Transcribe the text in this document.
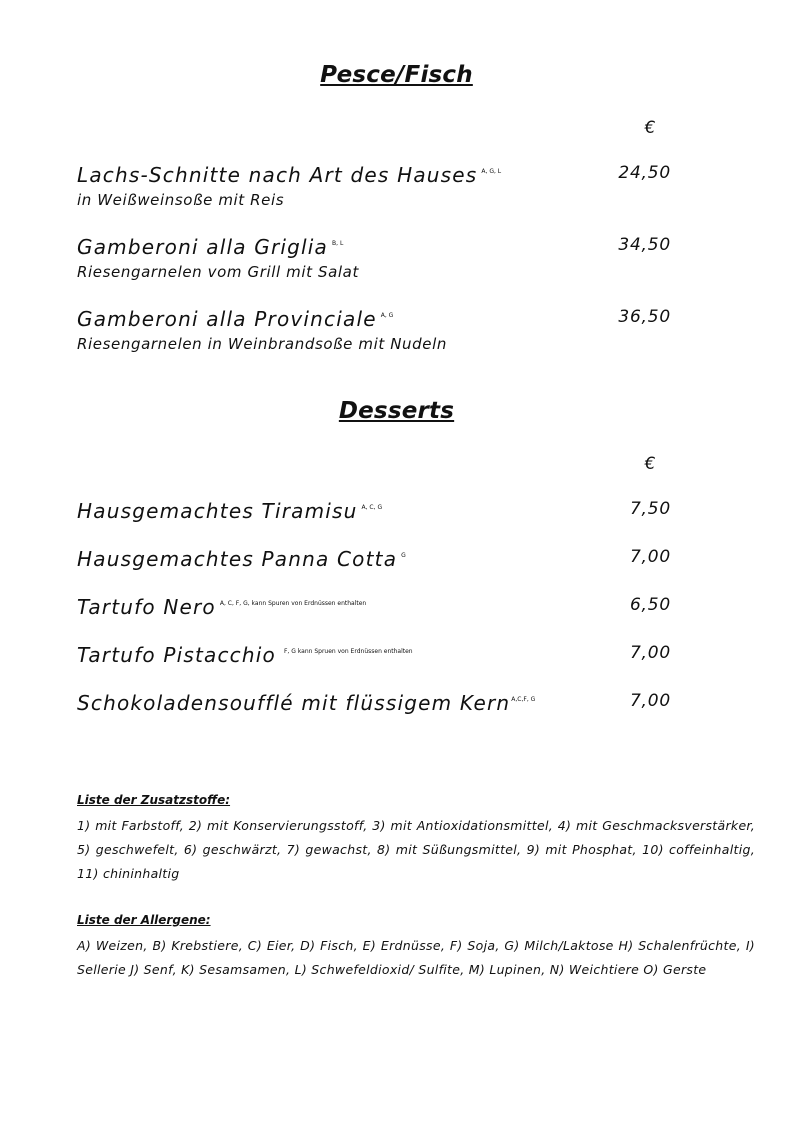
Pesce/Fisch
€
Lachs-Schnitte nach Art des Hauses $^{A, G, L}$
in Weißweinsoße mit Reis
24,50
Gamberoni alla Griglia $^{B, L}$
Riesengarnelen vom Grill mit Salat
34,50
Gamberoni alla Provinciale $^{A, G}$
Riesengarnelen in Weinbrandsoße mit Nudeln
36,50
Desserts
€
Hausgemachtes Tiramisu $^{A, C, G}$	7,50
Hausgemachtes Panna Cotta $^G$	7,00
Tartufo Nero $^{A, C, F, G, kann Spuren von Erdnüssen enthalten}$	6,50
Tartufo Pistacchio $^{F, G kann Spruen von Erdnüssen enthalten}$	7,00
Schokoladensoufflé mit flüssigem Kern$^{A,C,F, G}$	7,00
Liste der Zusatzstoffe:
1) mit Farbstoff, 2) mit Konservierungsstoff, 3) mit Antioxidationsmittel, 4) mit Geschmacksverstärker, 5) geschwefelt, 6) geschwärzt, 7) gewachst, 8) mit Süßungsmittel, 9) mit Phosphat, 10) coffeinhaltig, 11) chininhaltig
Liste der Allergene:
A) Weizen, B) Krebstiere, C) Eier, D) Fisch, E) Erdnüsse, F) Soja, G) Milch/Laktose H) Schalenfrüchte, I) Sellerie J) Senf, K) Sesamsamen, L) Schwefeldioxid/ Sulfite, M) Lupinen, N) Weichtiere O) Gerste
